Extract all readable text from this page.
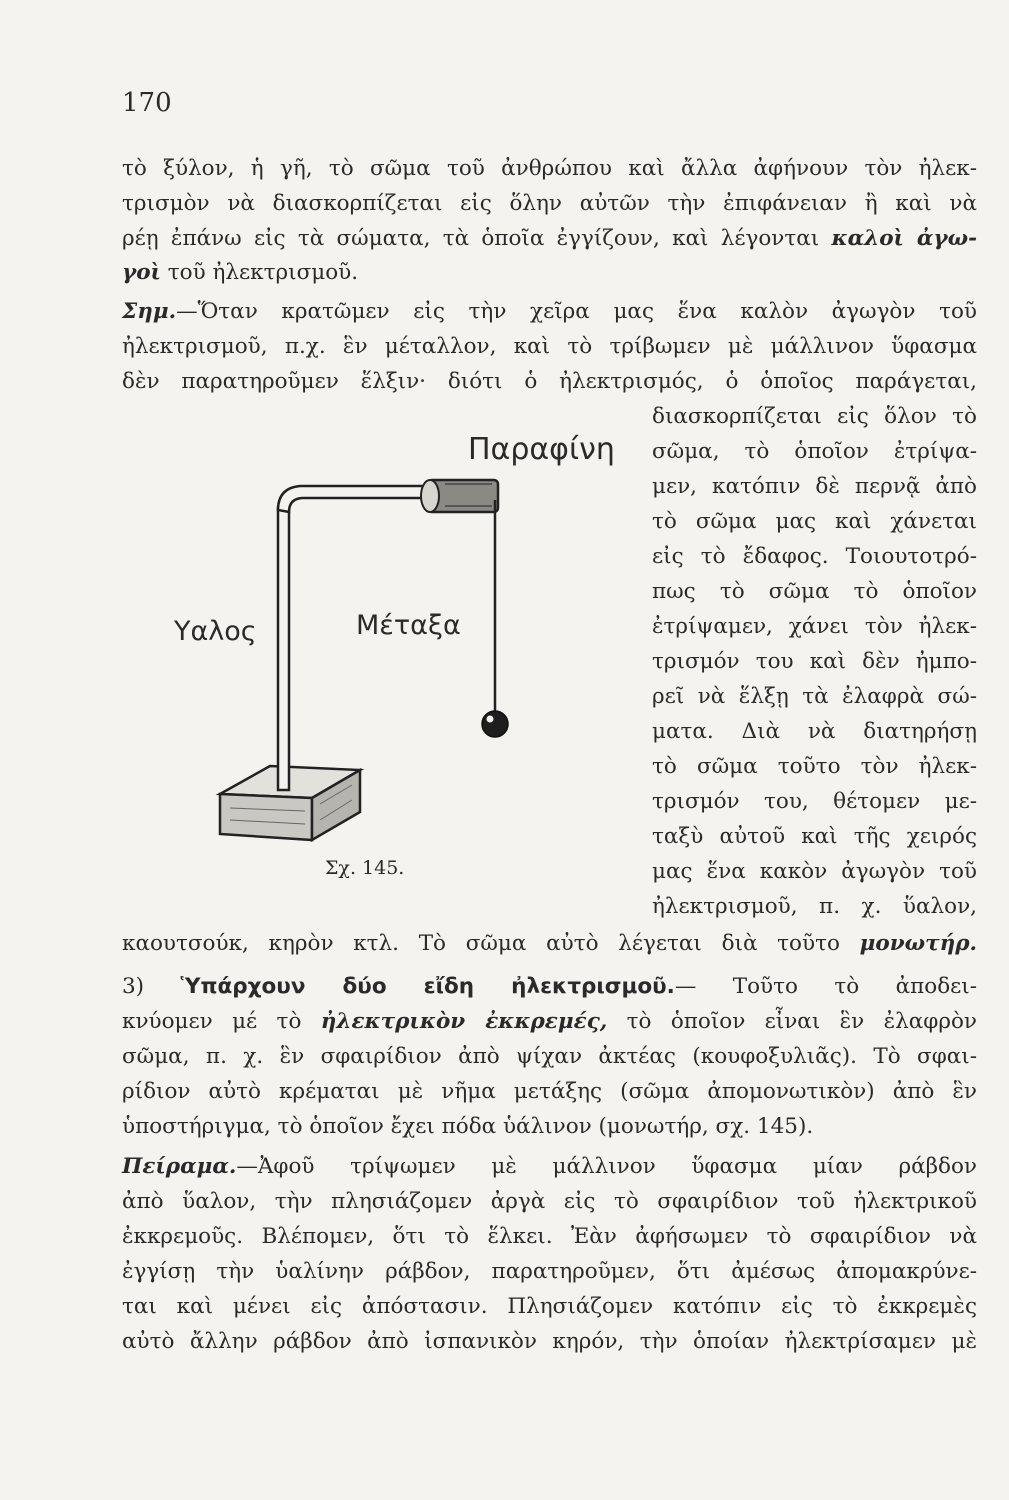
170
τὸ ξύλον, ἡ γῆ, τὸ σῶμα τοῦ ἀνθρώπου καὶ ἄλλα ἀφήνουν τὸν ἠλεκ-
τρισμὸν νὰ διασκορπίζεται εἰς ὅλην αὐτῶν τὴν ἐπιφάνειαν ἢ καὶ νὰ
ρέῃ ἐπάνω εἰς τὰ σώματα, τὰ ὁποῖα ἐγγίζουν, καὶ λέγονται καλοὶ ἀγω-
γοὶ τοῦ ἠλεκτρισμοῦ.
Σημ.—Ὅταν κρατῶμεν εἰς τὴν χεῖρα μας ἕνα καλὸν ἀγωγὸν τοῦ
ἠλεκτρισμοῦ, π.χ. ἓν μέταλλον, καὶ τὸ τρίβωμεν μὲ μάλλινον ὕφασμα
δὲν παρατηροῦμεν ἕλξιν· διότι ὁ ἠλεκτρισμός, ὁ ὁποῖος παράγεται,
διασκορπίζεται εἰς ὅλον τὸ
σῶμα, τὸ ὁποῖον ἐτρίψα-
μεν, κατόπιν δὲ περνᾷ ἀπὸ
τὸ σῶμα μας καὶ χάνεται
εἰς τὸ ἔδαφος. Τοιουτοτρό-
πως τὸ σῶμα τὸ ὁποῖον
ἐτρίψαμεν, χάνει τὸν ἠλεκ-
τρισμόν του καὶ δὲν ἠμπο-
ρεῖ νὰ ἕλξῃ τὰ ἐλαφρὰ σώ-
ματα. Διὰ νὰ διατηρήσῃ
τὸ σῶμα τοῦτο τὸν ἠλεκ-
τρισμόν του, θέτομεν με-
ταξὺ αὐτοῦ καὶ τῆς χειρός
μας ἕνα κακὸν ἀγωγὸν τοῦ
ἠλεκτρισμοῦ, π. χ. ὕαλον,
Παραφίνη
Υαλος	Μέταξα
Σχ. 145.
καουτσούκ, κηρὸν κτλ. Τὸ σῶμα αὐτὸ λέγεται διὰ τοῦτο μονωτήρ.
3) Ὑπάρχουν δύο εἴδη ἠλεκτρισμοῦ.— Τοῦτο τὸ ἀποδει-
κνύομεν μέ τὸ ἠλεκτρικὸν ἐκκρεμές, τὸ ὁποῖον εἶναι ἓν ἐλαφρὸν
σῶμα, π. χ. ἓν σφαιρίδιον ἀπὸ ψίχαν ἀκτέας (κουφοξυλιᾶς). Τὸ σφαι-
ρίδιον αὐτὸ κρέμαται μὲ νῆμα μετάξης (σῶμα ἀπομονωτικὸν) ἀπὸ ἓν
ὑποστήριγμα, τὸ ὁποῖον ἔχει πόδα ὑάλινον (μονωτήρ, σχ. 145).
Πείραμα.—Ἀφοῦ τρίψωμεν μὲ μάλλινον ὕφασμα μίαν ράβδον
ἀπὸ ὕαλον, τὴν πλησιάζομεν ἀργὰ εἰς τὸ σφαιρίδιον τοῦ ἠλεκτρικοῦ
ἐκκρεμοῦς. Βλέπομεν, ὅτι τὸ ἕλκει. Ἐὰν ἀφήσωμεν τὸ σφαιρίδιον νὰ
ἐγγίσῃ τὴν ὑαλίνην ράβδον, παρατηροῦμεν, ὅτι ἀμέσως ἀπομακρύνε-
ται καὶ μένει εἰς ἀπόστασιν. Πλησιάζομεν κατόπιν εἰς τὸ ἐκκρεμὲς
αὐτὸ ἄλλην ράβδον ἀπὸ ἰσπανικὸν κηρόν, τὴν ὁποίαν ἠλεκτρίσαμεν μὲ
